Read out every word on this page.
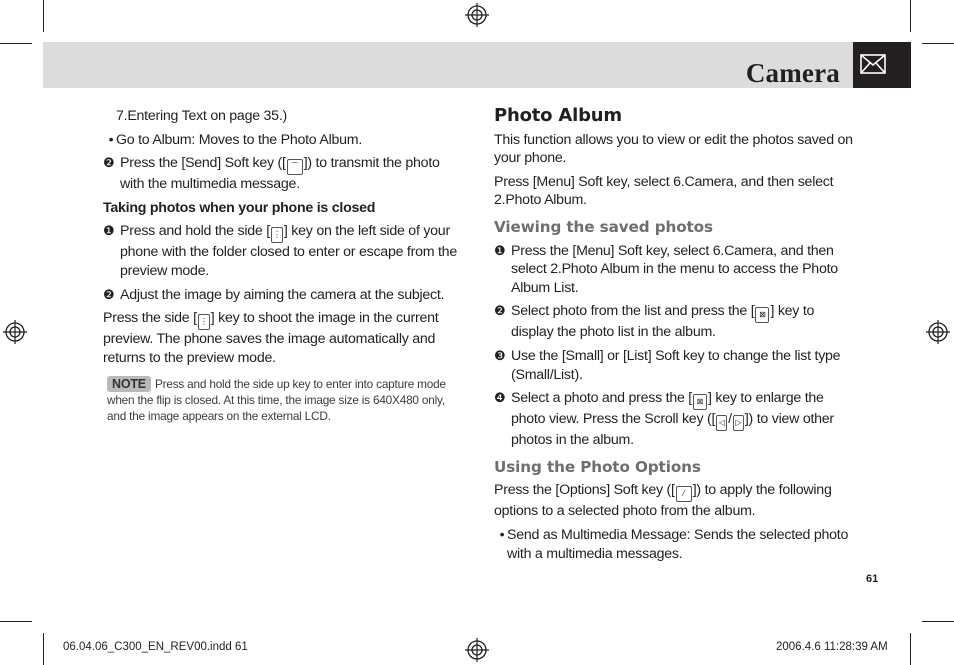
Camera

7.Entering Text on page 35.)

• Go to Album: Moves to the Photo Album.
❷ Press the [Send] Soft key ([ ⌒ ]) to transmit the photo with the multimedia message.

Taking photos when your phone is closed

❶ Press and hold the side [ ⋮ ] key on the left side of your phone with the folder closed to enter or escape from the preview mode.
❷ Adjust the image by aiming the camera at the subject.

Press the side [ ⋮ ] key to shoot the image in the current preview. The phone saves the image automatically and returns to the preview mode.

NOTE Press and hold the side up key to enter into capture mode when the flip is closed. At this time, the image size is 640X480 only, and the image appears on the external LCD.
Photo Album

This function allows you to view or edit the photos saved on your phone.

Press [Menu] Soft key, select 6.Camera, and then select 2.Photo Album.

Viewing the saved photos
❶ Press the [Menu] Soft key, select 6.Camera, and then select 2.Photo Album in the menu to access the Photo Album List.
❷ Select photo from the list and press the [ ⊠ ] key to display the photo list in the album.
❸ Use the [Small] or [List] Soft key to change the list type (Small/List).
❹ Select a photo and press the [ ⊠ ] key to enlarge the photo view. Press the Scroll key ([ ◁ / ▷ ]) to view other photos in the album.
Using the Photo Options

Press the [Options] Soft key ([ ⁄ ]) to apply the following options to a selected photo from the album.

• Send as Multimedia Message: Sends the selected photo with a multimedia messages.
61
06.04.06_C300_EN_REV00.indd 61	2006.4.6 11:28:39 AM
